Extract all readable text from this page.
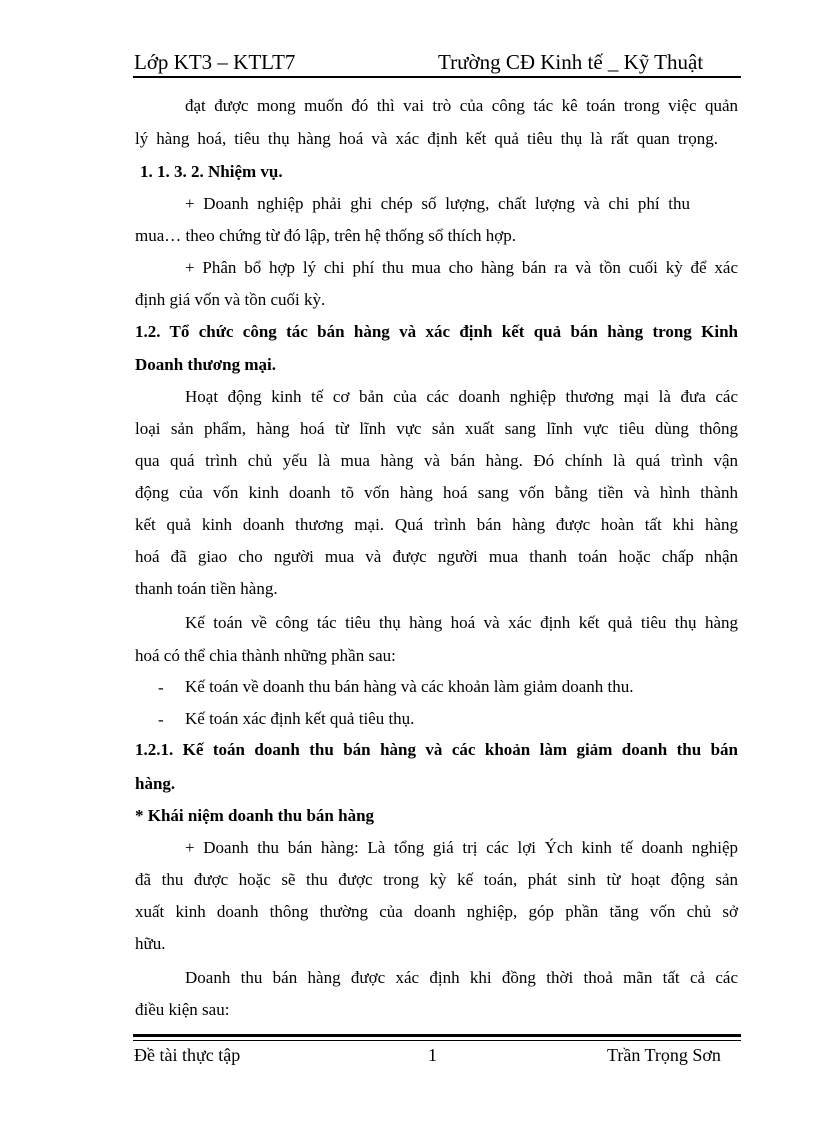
Lớp KT3 – KTLT7	Trường CĐ Kinh tế _ Kỹ Thuật
đạt được mong muốn đó thì vai trò của công tác kê toán trong việc quản
lý hàng hoá, tiêu thụ hàng hoá và xác định kết quả tiêu thụ là rất quan trọng.
1. 1. 3. 2. Nhiệm vụ.
+ Doanh nghiệp phải ghi chép số lượng, chất lượng và chi phí thu
mua… theo chứng từ đó lập, trên hệ thống sổ thích hợp.
+ Phân bổ hợp lý chi phí thu mua cho hàng bán ra và tồn cuối kỳ để xác
định giá vốn và tồn cuối kỳ.
1.2. Tổ chức công tác bán hàng và xác định kết quả bán hàng trong Kinh
Doanh thương mại.
Hoạt động kinh tế cơ bản của các doanh nghiệp thương mại là đưa các
loại sản phẩm, hàng hoá từ lĩnh vực sản xuất sang lĩnh vực tiêu dùng thông
qua quá trình chủ yếu là mua hàng và bán hàng. Đó chính là quá trình vận
động của vốn kinh doanh tõ vốn hàng hoá sang vốn bằng tiền và hình thành
kết quả kinh doanh thương mại. Quá trình bán hàng được hoàn tất khi hàng
hoá đã giao cho người mua và được người mua thanh toán hoặc chấp nhận
thanh toán tiền hàng.
Kế toán về công tác tiêu thụ hàng hoá và xác định kết quả tiêu thụ hàng
hoá có thể chia thành những phần sau:
- Kế toán về doanh thu bán hàng và các khoản làm giảm doanh thu.
- Kế toán xác định kết quả tiêu thụ.
1.2.1. Kế toán doanh thu bán hàng và các khoản làm giảm doanh thu bán
hàng.
* Khái niệm doanh thu bán hàng
+ Doanh thu bán hàng: Là tổng giá trị các lợi Ých kinh tế doanh nghiệp
đã thu được hoặc sẽ thu được trong kỳ kế toán, phát sinh từ hoạt động sản
xuất kinh doanh thông thường của doanh nghiệp, góp phần tăng vốn chủ sở
hữu.
Doanh thu bán hàng được xác định khi đồng thời thoả mãn tất cả các
điều kiện sau:
Đề tài thực tập	1	Trần Trọng Sơn
